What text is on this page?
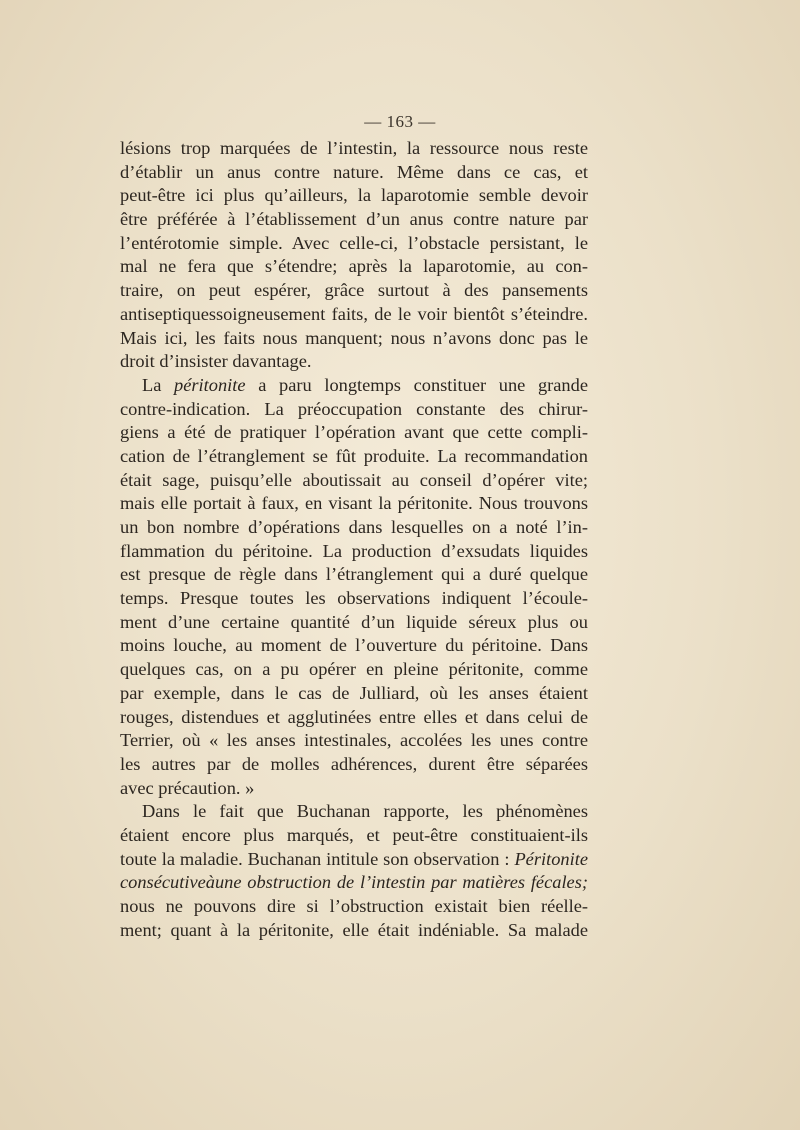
— 163 —
lésions trop marquées de l’intestin, la ressource nous reste
d’établir un anus contre nature. Même dans ce cas, et
peut-être ici plus qu’ailleurs, la laparotomie semble devoir
être préférée à l’établissement d’un anus contre nature par
l’entérotomie simple. Avec celle-ci, l’obstacle persistant, le
mal ne fera que s’étendre; après la laparotomie, au con-
traire, on peut espérer, grâce surtout à des pansements
antiseptiquessoigneusement faits, de le voir bientôt s’éteindre.
Mais ici, les faits nous manquent; nous n’avons donc pas le
droit d’insister davantage.
La péritonite a paru longtemps constituer une grande
contre-indication. La préoccupation constante des chirur-
giens a été de pratiquer l’opération avant que cette compli-
cation de l’étranglement se fût produite. La recommandation
était sage, puisqu’elle aboutissait au conseil d’opérer vite;
mais elle portait à faux, en visant la péritonite. Nous trouvons
un bon nombre d’opérations dans lesquelles on a noté l’in-
flammation du péritoine. La production d’exsudats liquides
est presque de règle dans l’étranglement qui a duré quelque
temps. Presque toutes les observations indiquent l’écoule-
ment d’une certaine quantité d’un liquide séreux plus ou
moins louche, au moment de l’ouverture du péritoine. Dans
quelques cas, on a pu opérer en pleine péritonite, comme
par exemple, dans le cas de Julliard, où les anses étaient
rouges, distendues et agglutinées entre elles et dans celui de
Terrier, où « les anses intestinales, accolées les unes contre
les autres par de molles adhérences, durent être séparées
avec précaution. »
Dans le fait que Buchanan rapporte, les phénomènes
étaient encore plus marqués, et peut-être constituaient-ils
toute la maladie. Buchanan intitule son observation : Péritonite
consécutiveàune obstruction de l’intestin par matières fécales;
nous ne pouvons dire si l’obstruction existait bien réelle-
ment; quant à la péritonite, elle était indéniable. Sa malade
